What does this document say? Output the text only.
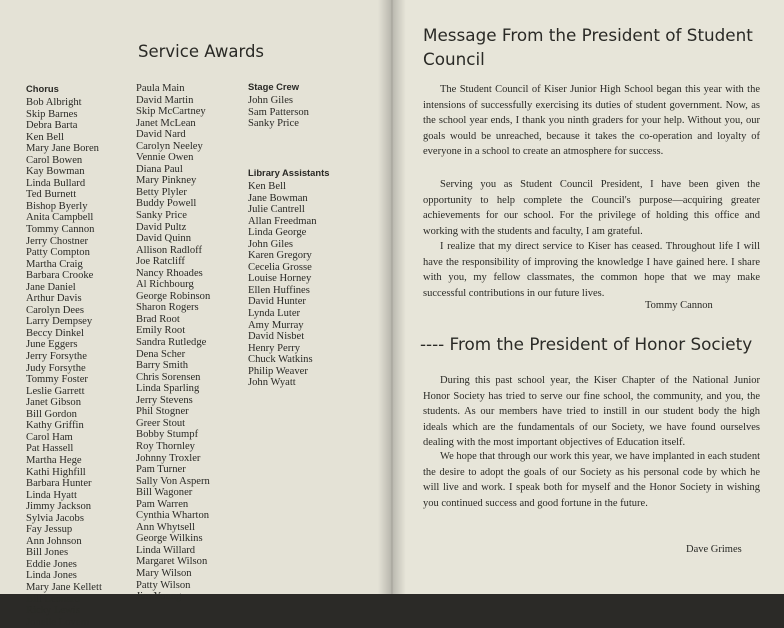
Service Awards
Chorus
Bob Albright
Skip Barnes
Debra Barta
Ken Bell
Mary Jane Boren
Carol Bowen
Kay Bowman
Linda Bullard
Ted Burnett
Bishop Byerly
Anita Campbell
Tommy Cannon
Jerry Chostner
Patty Compton
Martha Craig
Barbara Crooke
Jane Daniel
Arthur Davis
Carolyn Dees
Larry Dempsey
Beccy Dinkel
June Eggers
Jerry Forsythe
Judy Forsythe
Tommy Foster
Leslie Garrett
Janet Gibson
Bill Gordon
Kathy Griffin
Carol Ham
Pat Hassell
Martha Hege
Kathi Highfill
Barbara Hunter
Linda Hyatt
Jimmy Jackson
Sylvia Jacobs
Fay Jessup
Ann Johnson
Bill Jones
Eddie Jones
Linda Jones
Mary Jane Kellett
Bill Leonard
Ricky Lewis
Jonelle Lovern
Paula Main
David Martin
Skip McCartney
Janet McLean
David Nard
Carolyn Neeley
Vennie Owen
Diana Paul
Mary Pinkney
Betty Plyler
Buddy Powell
Sanky Price
David Pultz
David Quinn
Allison Radloff
Joe Ratcliff
Nancy Rhoades
Al Richbourg
George Robinson
Sharon Rogers
Brad Root
Emily Root
Sandra Rutledge
Dena Scher
Barry Smith
Chris Sorensen
Linda Sparling
Jerry Stevens
Phil Stogner
Greer Stout
Bobby Stumpf
Roy Thornley
Johnny Troxler
Pam Turner
Sally Von Aspern
Bill Wagoner
Pam Warren
Cynthia Wharton
Ann Whytsell
George Wilkins
Linda Willard
Margaret Wilson
Mary Wilson
Patty Wilson
Jim Young
Stage Crew
John Giles
Sam Patterson
Sanky Price
Library Assistants
Ken Bell
Jane Bowman
Julie Cantrell
Allan Freedman
Linda George
John Giles
Karen Gregory
Cecelia Grosse
Louise Horney
Ellen Huffines
David Hunter
Lynda Luter
Amy Murray
David Nisbet
Henry Perry
Chuck Watkins
Philip Weaver
John Wyatt
Message From the President of Student Council

The Student Council of Kiser Junior High School began this year with the intensions of successfully exercising its duties of student government. Now, as the school year ends, I thank you ninth graders for your help. Without you, our goals would be unreached, because it takes the co-operation and loyalty of everyone in a school to create an atmosphere for success.

Serving you as Student Council President, I have been given the opportunity to help complete the Council's purpose—acquiring greater achievements for our school. For the privilege of holding this office and working with the students and faculty, I am grateful.

I realize that my direct service to Kiser has ceased. Throughout life I will have the responsibility of improving the knowledge I have gained here. I share with you, my fellow classmates, the common hope that we may make successful contributions in our future lives.

Tommy Cannon
---- From the President of Honor Society

During this past school year, the Kiser Chapter of the National Junior Honor Society has tried to serve our fine school, the community, and you, the students. As our members have tried to instill in our student body the high ideals which are the fundamentals of our Society, we have found ourselves dealing with the most important objectives of Education itself.

We hope that through our work this year, we have implanted in each student the desire to adopt the goals of our Society as his personal code by which he will live and work. I speak both for myself and the Honor Society in wishing you continued success and good fortune in the future.

Dave Grimes
